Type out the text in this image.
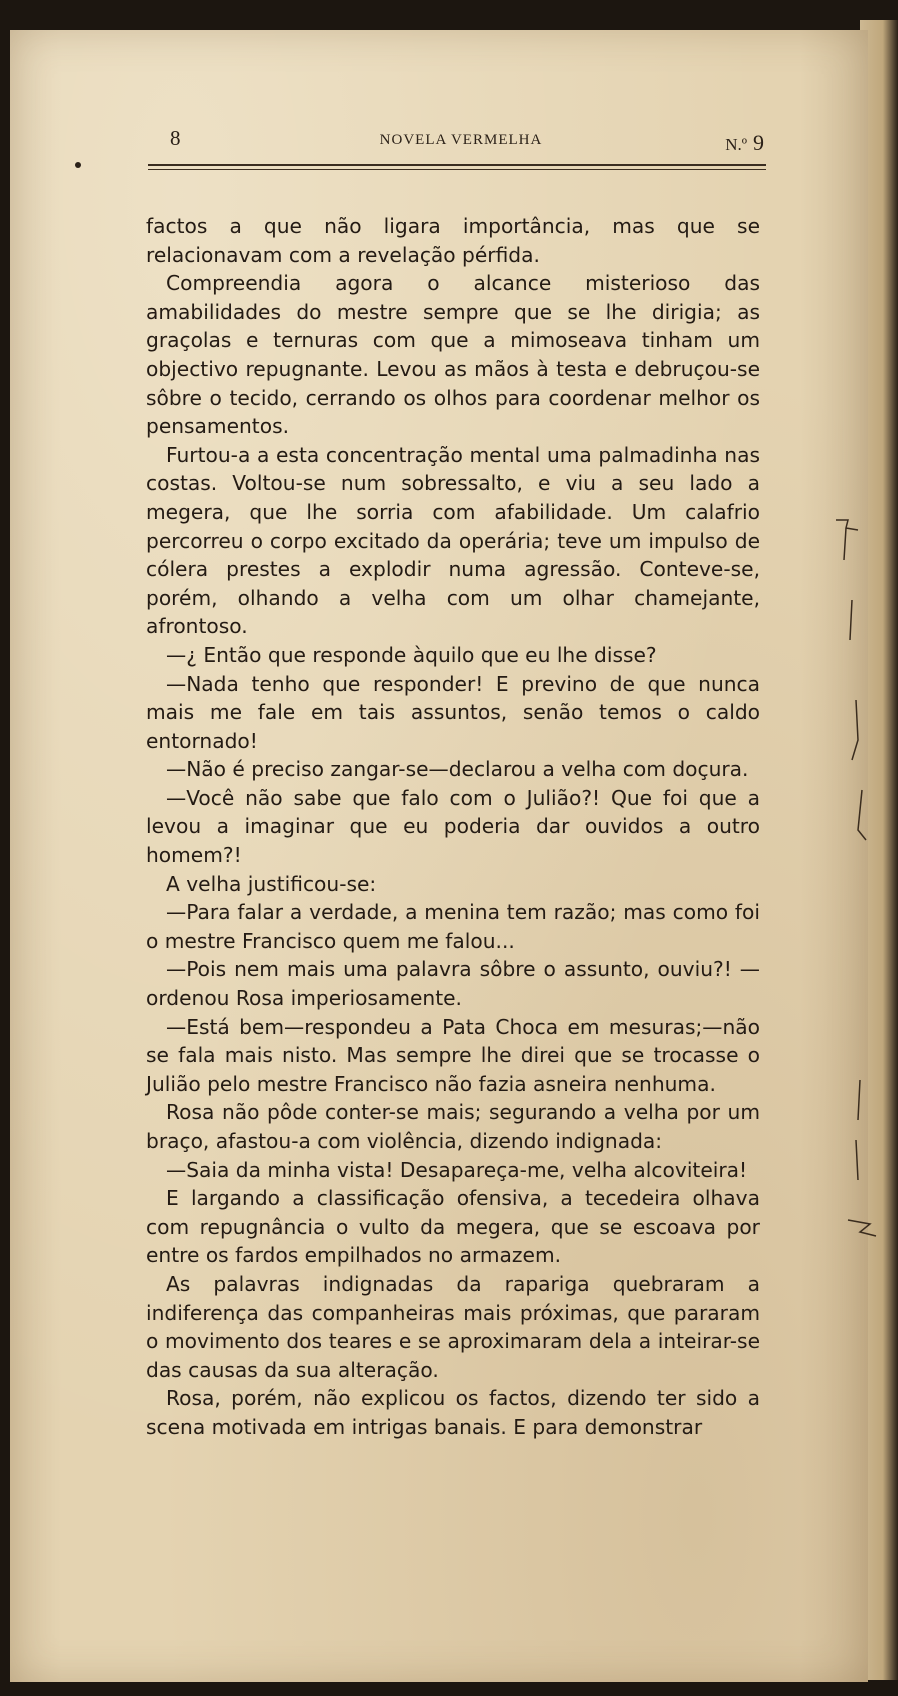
8	NOVELA VERMELHA	N.º 9

factos a que não ligara importância, mas que se relacionavam com a revelação pérfida.

Compreendia agora o alcance misterioso das amabilidades do mestre sempre que se lhe dirigia; as graçolas e ternuras com que a mimoseava tinham um objectivo repugnante. Levou as mãos à testa e debruçou-se sôbre o tecido, cerrando os olhos para coordenar melhor os pensamentos.

Furtou-a a esta concentração mental uma palmadinha nas costas. Voltou-se num sobressalto, e viu a seu lado a megera, que lhe sorria com afabilidade. Um calafrio percorreu o corpo excitado da operária; teve um impulso de cólera prestes a explodir numa agressão. Conteve-se, porém, olhando a velha com um olhar chamejante, afrontoso.

—¿ Então que responde àquilo que eu lhe disse?

—Nada tenho que responder! E previno de que nunca mais me fale em tais assuntos, senão temos o caldo entornado!

—Não é preciso zangar-se—declarou a velha com doçura.

—Você não sabe que falo com o Julião?! Que foi que a levou a imaginar que eu poderia dar ouvidos a outro homem?!

A velha justificou-se:

—Para falar a verdade, a menina tem razão; mas como foi o mestre Francisco quem me falou...

—Pois nem mais uma palavra sôbre o assunto, ouviu?! —ordenou Rosa imperiosamente.

—Está bem—respondeu a Pata Choca em mesuras;—não se fala mais nisto. Mas sempre lhe direi que se trocasse o Julião pelo mestre Francisco não fazia asneira nenhuma.

Rosa não pôde conter-se mais; segurando a velha por um braço, afastou-a com violência, dizendo indignada:

—Saia da minha vista! Desapareça-me, velha alcoviteira!

E largando a classificação ofensiva, a tecedeira olhava com repugnância o vulto da megera, que se escoava por entre os fardos empilhados no armazem.

As palavras indignadas da rapariga quebraram a indiferença das companheiras mais próximas, que pararam o movimento dos teares e se aproximaram dela a inteirar-se das causas da sua alteração.

Rosa, porém, não explicou os factos, dizendo ter sido a scena motivada em intrigas banais. E para demonstrar
